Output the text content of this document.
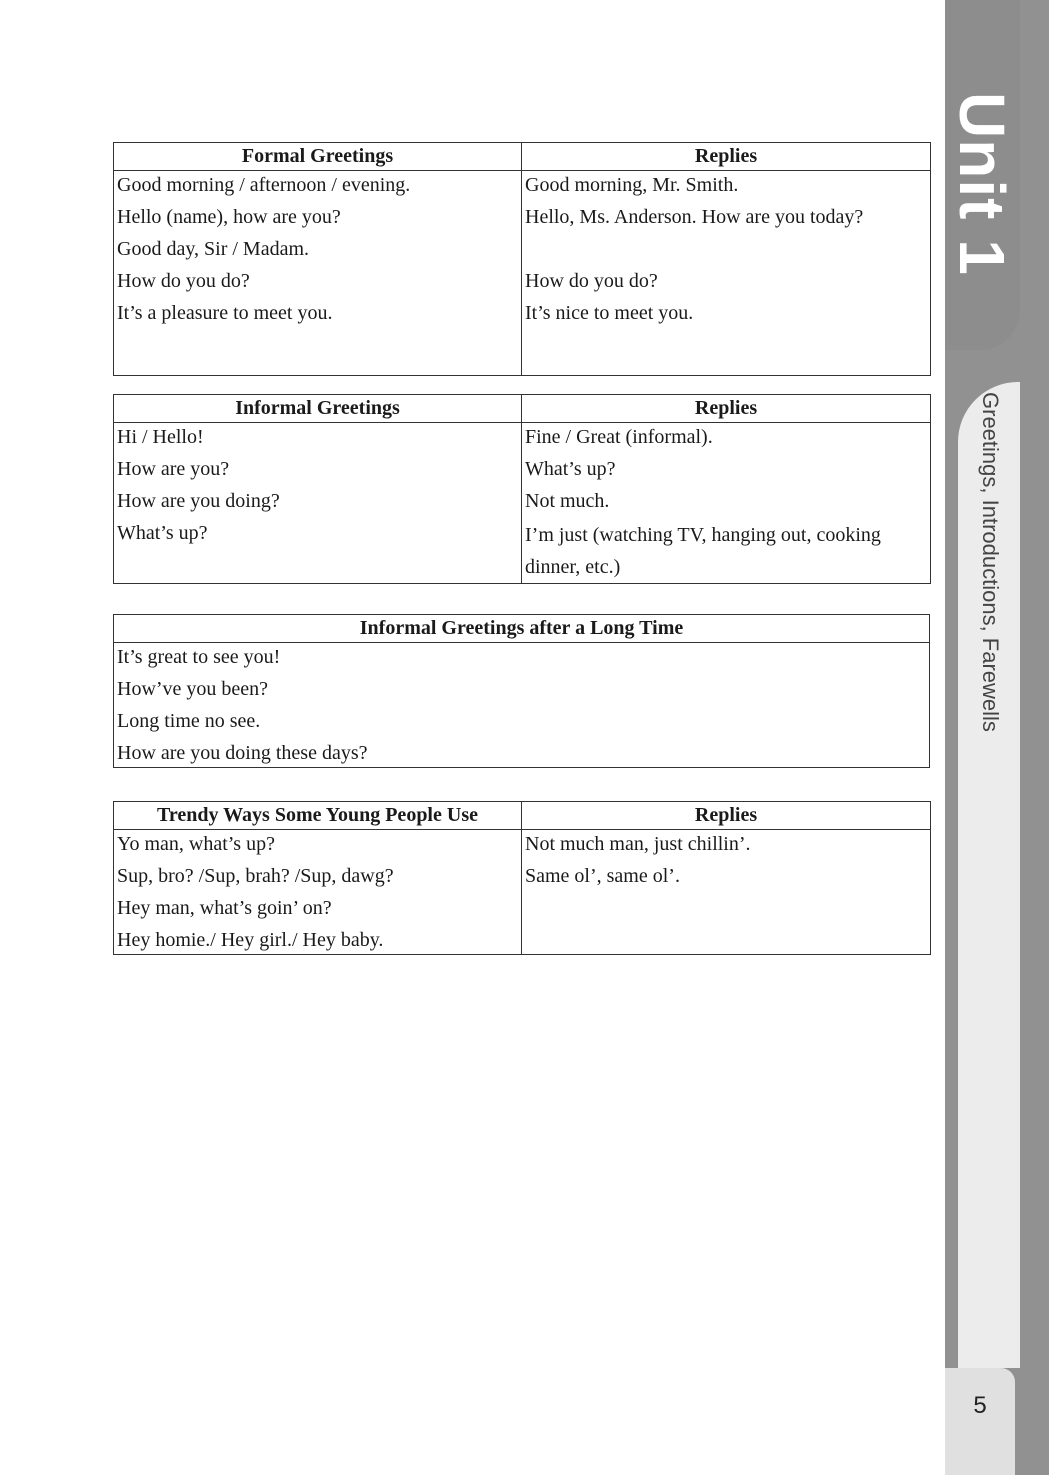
Formal Greetings	Replies
Good morning / afternoon / evening.	Good morning, Mr. Smith.
Hello (name), how are you?	Hello, Ms. Anderson. How are you today?
Good day, Sir / Madam.	
How do you do?	How do you do?
It’s a pleasure to meet you.	It’s nice to meet you.

Informal Greetings	Replies
Hi / Hello!	Fine / Great (informal).
How are you?	What’s up?
How are you doing?	Not much.
What’s up?	I’m just (watching TV, hanging out, cooking dinner, etc.)
Informal Greetings after a Long Time
It’s great to see you!
How’ve you been?
Long time no see.
How are you doing these days?
Trendy Ways Some Young People Use	Replies
Yo man, what’s up?	Not much man, just chillin’.
Sup, bro? /Sup, brah? /Sup, dawg?	Same ol’, same ol’.
Hey man, what’s goin’ on?	
Hey homie./ Hey girl./ Hey baby.	
Unit 1
Greetings, Introductions, Farewells
5
